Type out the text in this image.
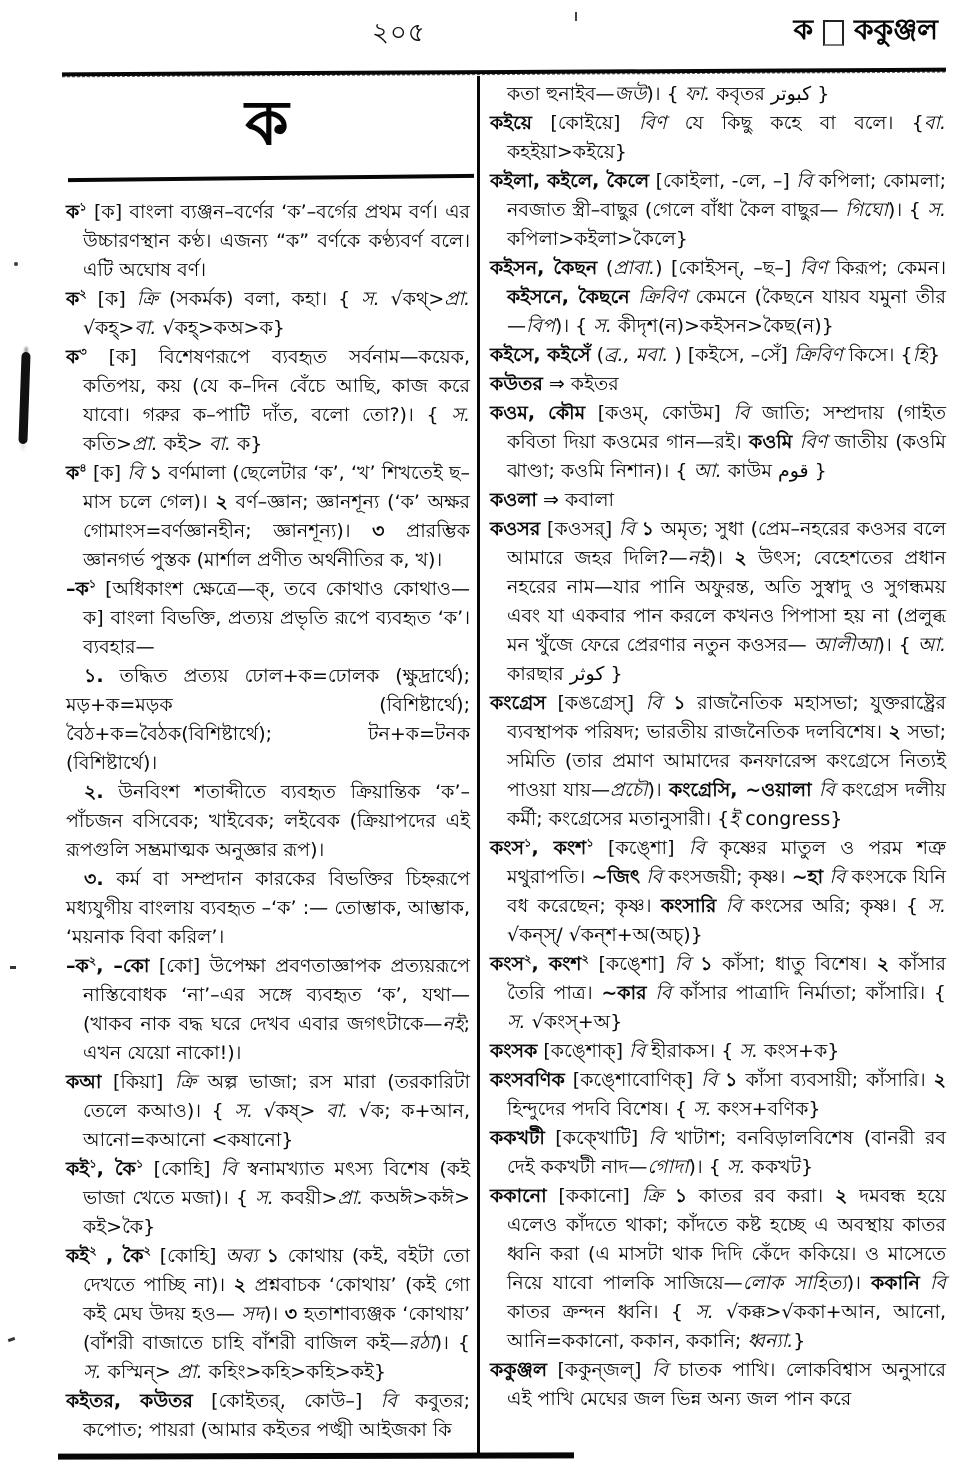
২০৫	ক ককুঞ্জল

ক

ক$^১$ [ক] বাংলা ব্যঞ্জন–বর্ণের ‘ক’–বর্গের প্রথম বর্ণ। এর উচ্চারণস্থান কণ্ঠ। এজন্য “ক” বর্ণকে কণ্ঠ্যবর্ণ বলে। এটি অঘোষ বর্ণ।

ক$^২$ [ক] ক্রি (সকর্মক) বলা, কহা। { স. √কথ্>প্রা. √কহ্>বা. √কহ্>কঅ>ক}

ক$^৩$ [ক] বিশেষণরূপে ব্যবহৃত সর্বনাম—কয়েক, কতিপয়, কয় (যে ক–দিন বেঁচে আছি, কাজ করে যাবো। গরুর ক–পাটি দাঁত, বলো তো?)। { স. কতি>প্রা. কই> বা. ক}

ক$^৪$ [ক] বি ১ বর্ণমালা (ছেলেটার ‘ক’, ‘খ’ শিখতেই ছ–মাস চলে গেল)। ২ বর্ণ–জ্ঞান; জ্ঞানশূন্য (‘ক’ অক্ষর গোমাংস=বর্ণজ্ঞানহীন; জ্ঞানশূন্য)। ৩ প্রারম্ভিক জ্ঞানগর্ভ পুস্তক (মার্শাল প্রণীত অর্থনীতির ক, খ)।

–ক$^১$ [অধিকাংশ ক্ষেত্রে—ক্, তবে কোথাও কোথাও—ক] বাংলা বিভক্তি, প্রত্যয় প্রভৃতি রূপে ব্যবহৃত ‘ক’। ব্যবহার—

১. তদ্ধিত প্রত্যয় ঢোল+ক=ঢোলক (ক্ষুদ্রার্থে); মড়+ক=মড়ক (বিশিষ্টার্থে); বৈঠ+ক=বৈঠক(বিশিষ্টার্থে); টন+ক=টনক (বিশিষ্টার্থে)।

২. উনবিংশ শতাব্দীতে ব্যবহৃত ক্রিয়ান্তিক ‘ক’–পাঁচজন বসিবেক; খাইবেক; লইবেক (ক্রিয়াপদের এই রূপগুলি সম্ভ্রমাত্মক অনুজ্ঞার রূপ)।

৩. কর্ম বা সম্প্রদান কারকের বিভক্তির চিহ্নরূপে মধ্যযুগীয় বাংলায় ব্যবহৃত –‘ক’ :— তোম্ভাক, আম্ভাক, ‘ময়নাক বিবা করিল’।

–ক$^২$, –কো [কো] উপেক্ষা প্রবণতাজ্ঞাপক প্রত্যয়রূপে নাস্তিবোধক ‘না’–এর সঙ্গে ব্যবহৃত ‘ক’, যথা—(খাকব নাক বদ্ধ ঘরে দেখব এবার জগৎটাকে—নই; এখন যেয়ো নাকো!)।

কআ [কিয়া] ক্রি অল্প ভাজা; রস মারা (তরকারিটা তেলে কআও)। { স. √কষ্> বা. √ক; ক+আন, আনো=কআনো <কষানো}

কই$^১$, কৈ$^১$ [কোহি] বি স্বনামখ্যাত মৎস্য বিশেষ (কই ভাজা খেতে মজা)। { স. কবয়ী>প্রা. কঅঈ>কঈ> কই>কৈ}

কই$^২$ , কৈ$^২$ [কোহি] অব্য ১ কোথায় (কই, বইটা তো দেখতে পাচ্ছি না)। ২ প্রশ্নবাচক ‘কোথায়’ (কই গো কই মেঘ উদয় হও— সদ)। ৩ হতাশাব্যঞ্জক ‘কোথায়’ (বাঁশরী বাজাতে চাহি বাঁশরী বাজিল কই—রঠা)। { স. কস্মিন্> প্রা. কহিং>কহি>কহি>কই}

কইতর, কউতর [কোইতর্, কোউ–] বি কবুতর; কপোত; পায়রা (আমার কইতর পঙ্খী আইজকা কি

কতা হুনাইব—জউ)। { ফা. কবৃতর كبوتر }

কইয়ে [কোইয়ে] বিণ যে কিছু কহে বা বলে। {বা. কহইয়া>কইয়ে}

কইলা, কইলে, কৈলে [কোইলা, -লে, –] বি কপিলা; কোমলা; নবজাত স্ত্রী–বাছুর (গেলে বাঁধা কৈল বাছুর— গিঘো)। { স. কপিলা>কইলা>কৈলে}

কইসন, কৈছন (প্রাবা.) [কোইসন্, –ছ–] বিণ কিরূপ; কেমন। কইসনে, কৈছনে ক্রিবিণ কেমনে (কৈছনে যায়ব যমুনা তীর—বিপ)। { স. কীদৃশ(ন)>কইসন>কৈছ(ন)}

কইসে, কইসেঁ (ব্র., মবা. ) [কইসে, –সেঁ] ক্রিবিণ কিসে। {হি}

কউতর ⇒ কইতর

কওম, কৌম [কওম্, কোউম] বি জাতি; সম্প্রদায় (গাইত কবিতা দিয়া কওমের গান—রই। কওমি বিণ জাতীয় (কওমি ঝাণ্ডা; কওমি নিশান)। { আ. কাউম قوم }

কওলা ⇒ কবালা

কওসর [কওসর্] বি ১ অমৃত; সুধা (প্রেম–নহরের কওসর বলে আমারে জহর দিলি?—নই)। ২ উৎস; বেহেশতের প্রধান নহরের নাম—যার পানি অফুরন্ত, অতি সুস্বাদু ও সুগন্ধময় এবং যা একবার পান করলে কখনও পিপাসা হয় না (প্রলুব্ধ মন খুঁজে ফেরে প্রেরণার নতুন কওসর— আলীআ)। { আ. কারছার كوثر }

কংগ্রেস [কঙগ্রেস্] বি ১ রাজনৈতিক মহাসভা; যুক্তরাষ্ট্রের ব্যবস্থাপক পরিষদ; ভারতীয় রাজনৈতিক দলবিশেষ। ২ সভা; সমিতি (তার প্রমাণ আমাদের কনফারেন্স কংগ্রেসে নিত্যই পাওয়া যায়—প্রচৌ)। কংগ্রেসি, ~ওয়ালা বি কংগ্রেস দলীয় কর্মী; কংগ্রেসের মতানুসারী। {ই congress}

কংস$^১$, কংশ$^১$ [কঙ্শো] বি কৃষ্ণের মাতুল ও পরম শত্রু মথুরাপতি। ~জিৎ বি কংসজয়ী; কৃষ্ণ। ~হা বি কংসকে যিনি বধ করেছেন; কৃষ্ণ। কংসারি বি কংসের অরি; কৃষ্ণ। { স. √কন্স্/ √কন্শ+অ(অচ্)}

কংস$^২$, কংশ$^২$ [কঙ্শো] বি ১ কাঁসা; ধাতু বিশেষ। ২ কাঁসার তৈরি পাত্র। ~কার বি কাঁসার পাত্রাদি নির্মাতা; কাঁসারি। { স. √কংস্+অ}

কংসক [কঙ্শোক্] বি হীরাকস। { স. কংস+ক}

কংসবণিক [কঙ্শোবোণিক্] বি ১ কাঁসা ব্যবসায়ী; কাঁসারি। ২ হিন্দুদের পদবি বিশেষ। { স. কংস+বণিক}

ককখটী [কক্খোটি] বি খাটাশ; বনবিড়ালবিশেষ (বানরী রব দেই ককখটী নাদ—গোদা)। { স. ককখট}

ককানো [ককানো] ক্রি ১ কাতর রব করা। ২ দমবন্ধ হয়ে এলেও কাঁদতে থাকা; কাঁদতে কষ্ট হচ্ছে এ অবস্থায় কাতর ধ্বনি করা (এ মাসটা থাক দিদি কেঁদে ককিয়ে। ও মাসেতে নিয়ে যাবো পালকি সাজিয়ে—লোক সাহিত্য)। ককানি বি কাতর ক্রন্দন ধ্বনি। { স. √কক্ক>√ককা+আন, আনো, আনি=ককানো, ককান, ককানি; ধ্বন্যা.}

ককুঞ্জল [ককুন্জল্] বি চাতক পাখি। লোকবিশ্বাস অনুসারে এই পাখি মেঘের জল ভিন্ন অন্য জল পান করে
